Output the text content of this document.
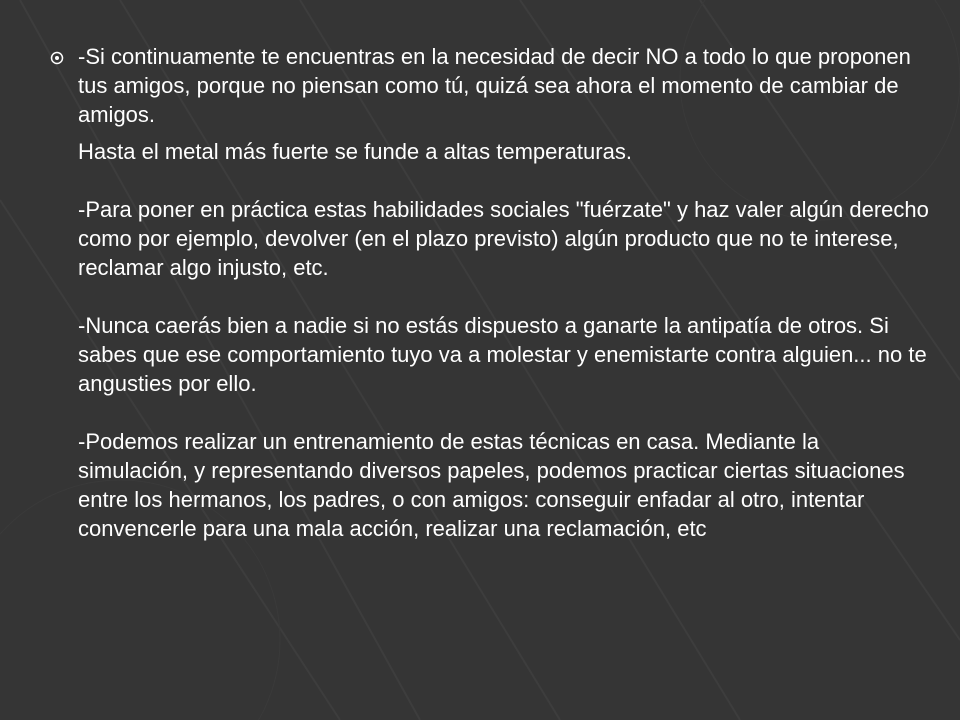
-Si continuamente te encuentras en la necesidad de decir NO a todo lo que proponen tus amigos, porque no piensan como tú, quizá sea ahora el momento de cambiar de amigos.
Hasta el metal más fuerte se funde a altas temperaturas.

-Para poner en práctica estas habilidades sociales "fuérzate" y haz valer algún derecho como por ejemplo, devolver (en el plazo previsto) algún producto que no te interese, reclamar algo injusto, etc.

-Nunca caerás bien a nadie si no estás dispuesto a ganarte la antipatía de otros. Si sabes que ese comportamiento tuyo va a molestar y enemistarte contra alguien... no te angusties por ello.

-Podemos realizar un entrenamiento de estas técnicas en casa. Mediante la simulación, y representando diversos papeles, podemos practicar ciertas situaciones entre los hermanos, los padres, o con amigos: conseguir enfadar al otro, intentar convencerle para una mala acción, realizar una reclamación, etc
